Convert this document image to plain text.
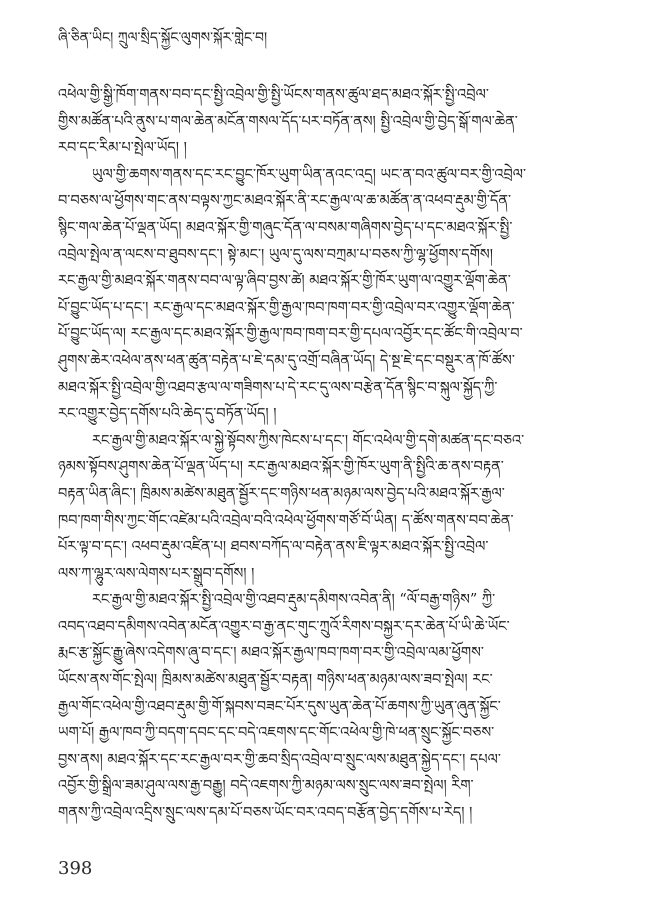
ཞི་ཅིན་ཡིང། ཀྲུལ་སྲིད་སྐྱོང་ལུགས་སྐོར་གླེང་བ།
འཕེལ་གྱི་སྒྱི་ཁོག་གནས་བབ་དང་སྤྱི་འབྲེལ་གྱི་སྤྱི་ཡོངས་གནས་ཚུལ་ཐད་མཐའ་སྐོར་སྤྱི་འབྲེལ་
གྱིས་མཚོན་པའི་ནུས་པ་གལ་ཆེན་མངོན་གསལ་དོད་པར་བཏོན་ནས། སྤྱི་འབྲེལ་གྱི་བྱེད་སྒོ་གལ་ཆེན་
རབ་དང་རིམ་པ་སྤེལ་ཡོད། །
ཡུལ་གྱི་ཆགས་གནས་དང་རང་བྱུང་ཁོར་ཡུག་ཡིན་ནའང་འདྲ། ཡང་ན་བའ་ཚུལ་བར་གྱི་འབྲེལ་
བ་བཅས་ལ་ཕྱོགས་གང་ནས་བལྟས་ཀྱང་མཐའ་སྐོར་ནི་རང་རྒྱལ་ལ་ཆ་མཚོན་ན་འཕབ་རྡུམ་གྱི་དོན་
སྙིང་གལ་ཆེན་པོ་ལྡན་ཡོད། མཐའ་སྐོར་གྱི་གཞུང་དོན་ལ་བསམ་གཞིགས་བྱེད་པ་དང་མཐའ་སྐོར་སྤྱི་
འབྲེལ་སྤེལ་ན་ལངས་བ་ཐུབས་དང་། སྟེ་མང་། ཡུལ་དུ་ལས་བཀྲམ་པ་བཅས་ཀྱི་ལྷ་ཕྱོགས་དགོས།
རང་རྒྱལ་གྱི་མཐའ་སྐོར་གནས་བབ་ལ་ལྟ་ཞིབ་བྱས་ཚེ། མཐའ་སྐོར་གྱི་ཁོར་ཡུག་ལ་འགྱུར་ལྡོག་ཆེན་
པོ་བྱུང་ཡོད་པ་དང་། རང་རྒྱལ་དང་མཐའ་སྐོར་གྱི་རྒྱལ་ཁབ་ཁག་བར་གྱི་འབྲེལ་བར་འགྱུར་ལྡོག་ཆེན་
པོ་བྱུང་ཡོད་ལ། རང་རྒྱལ་དང་མཐའ་སྐོར་གྱི་རྒྱལ་ཁབ་ཁག་བར་གྱི་དཔལ་འབྱོར་དང་ཚོང་གི་འབྲེལ་བ་
ཤུགས་ཆེར་འཕེལ་ནས་ཕན་ཚུན་བརྟེན་པ་ཇེ་དམ་དུ་འགྲོ་བཞིན་ཡོད། དེ་སྔ་ཇེ་དང་བསྡུར་ན་ཁོ་ཚོས་
མཐའ་སྐོར་སྤྱི་འབྲེལ་གྱི་འཐབ་རྩལ་ལ་གཟིགས་པ་དེ་རང་དུ་ལས་བརྩེན་དོན་སྙིང་བ་སྐུལ་སྐྱོད་ཀྱི་
རང་འགྱུར་བྱེད་དགོས་པའི་ཆེད་དུ་བཏོན་ཡོད། །
རང་རྒྱལ་གྱི་མཐའ་སྐོར་ལ་སྐྱེ་སྟོབས་ཀྱིས་ཁེངས་པ་དང་། གོང་འཕེལ་གྱི་དགེ་མཚན་དང་བཅའ་
ཉམས་སྟོབས་ཤུགས་ཆེན་པོ་ལྡན་ཡོད་པ། རང་རྒྱལ་མཐའ་སྐོར་གྱི་ཁོར་ཡུག་ནི་སྤྱིའི་ཆ་ནས་བརྟན་
བརྟན་ཡིན་ཞིང་། ཁྲིམས་མཚེས་མཐུན་སྦྱོར་དང་གཉིས་ཕན་མཉམ་ལས་བྱེད་པའི་མཐའ་སྐོར་རྒྱལ་
ཁབ་ཁག་གིས་ཀྱང་གོང་འཛེམ་པའི་འབྲེལ་བའི་འཕེལ་ཕྱོགས་གཙོ་བོ་ཡིན། ད་ཚོས་གནས་བབ་ཆེན་
པོར་ལྟ་བ་དང་། འཕབ་རྡུམ་འཛིན་པ། ཐབས་བཀོད་ལ་བརྟེན་ནས་ཇི་ལྟར་མཐའ་སྐོར་སྤྱི་འབྲེལ་
ལས་ཀ་ལྷུར་ལས་ལེགས་པར་སྒྲུབ་དགོས། །
རང་རྒྱལ་གྱི་མཐའ་སྐོར་སྤྱི་འབྲེལ་གྱི་འཐབ་རྡུམ་དམིགས་འབེན་ནི། “ལོ་བརྒྱ་གཉིས” ཀྱི་
འབད་འཐབ་དམིགས་འབེན་མངོན་འགྱུར་བ་རྒྱ་ནང་གུང་ཀྲུའོ་རིགས་བསྐྱར་དར་ཆེན་པོ་ཡི་ཆེ་ཡོང་
རྨང་རྩ་སྐྱོང་རྒྱུ་ཞེས་འདེགས་ཞུ་བ་དང་། མཐའ་སྐོར་རྒྱལ་ཁབ་ཁག་བར་གྱི་འབྲེལ་ལམ་ཕྱོགས་
ཡོངས་ནས་གོང་སྤེལ། ཁྲིམས་མཚེས་མཐུན་སྦྱོར་བརྟན། གཉིས་ཕན་མཉམ་ལས་ཟབ་སྤེལ། རང་
རྒྱལ་གོང་འཕེལ་གྱི་འཐབ་རྡུམ་གྱི་གོ་སྐབས་བཟང་པོར་དུས་ཡུན་ཆེན་པོ་ཆགས་ཀྱི་ཡུན་ཞུན་སྐྱོང་
ཡག་པོ། རྒྱལ་ཁབ་ཀྱི་བདག་དབང་དང་བདེ་འཇགས་དང་གོང་འཕེལ་གྱི་ཁེ་ཕན་སྲུང་སྐྱོང་བཅས་
བྱས་ནས། མཐའ་སྐོར་དང་རང་རྒྱལ་བར་གྱི་ཆབ་སྲིད་འབྲེལ་བ་སྲུང་ལས་མཐུན་སྐྱེད་དང་། དཔལ་
འབྱོར་གྱི་སྒྲིལ་ཟམ་ཤུལ་ལས་རྒྱ་བརྒྱུ། བདེ་འཇགས་ཀྱི་མཉམ་ལས་སྲུང་ལས་ཟབ་སྤེལ། རིག་
གནས་ཀྱི་འབྲེལ་འདྲིས་སྲུང་ལས་དམ་པོ་བཅས་ཡོང་བར་འབད་བརྩོན་བྱེད་དགོས་པ་རེད། །
398
